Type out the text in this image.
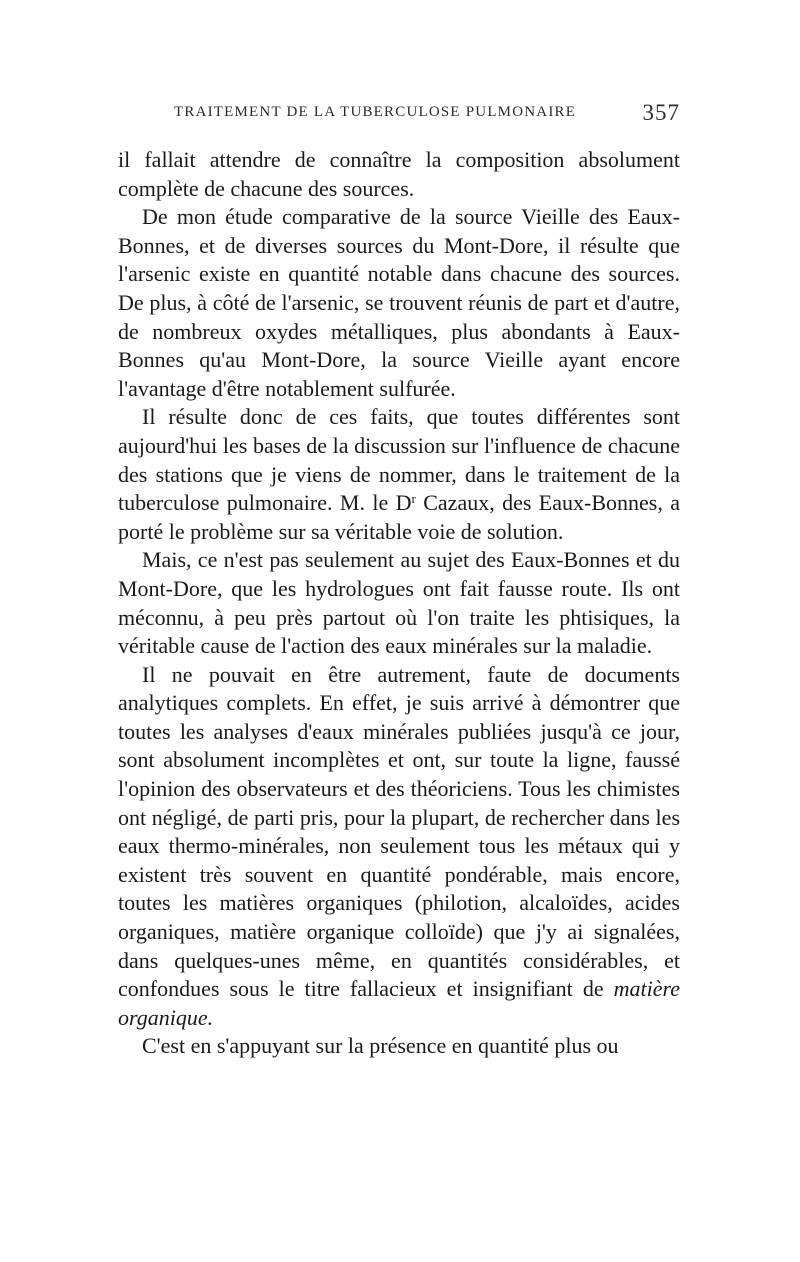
TRAITEMENT DE LA TUBERCULOSE PULMONAIRE	357

il fallait attendre de connaître la composition absolument complète de chacune des sources.

De mon étude comparative de la source Vieille des Eaux-Bonnes, et de diverses sources du Mont-Dore, il résulte que l'arsenic existe en quantité notable dans chacune des sources. De plus, à côté de l'arsenic, se trouvent réunis de part et d'autre, de nombreux oxydes métalliques, plus abondants à Eaux-Bonnes qu'au Mont-Dore, la source Vieille ayant encore l'avantage d'être notablement sulfurée.

Il résulte donc de ces faits, que toutes différentes sont aujourd'hui les bases de la discussion sur l'influence de chacune des stations que je viens de nommer, dans le traitement de la tuberculose pulmonaire. M. le $D^r$ Cazaux, des Eaux-Bonnes, a porté le problème sur sa véritable voie de solution.

Mais, ce n'est pas seulement au sujet des Eaux-Bonnes et du Mont-Dore, que les hydrologues ont fait fausse route. Ils ont méconnu, à peu près partout où l'on traite les phtisiques, la véritable cause de l'action des eaux minérales sur la maladie.

Il ne pouvait en être autrement, faute de documents analytiques complets. En effet, je suis arrivé à démontrer que toutes les analyses d'eaux minérales publiées jusqu'à ce jour, sont absolument incomplètes et ont, sur toute la ligne, faussé l'opinion des observateurs et des théoriciens. Tous les chimistes ont négligé, de parti pris, pour la plupart, de rechercher dans les eaux thermo-minérales, non seulement tous les métaux qui y existent très souvent en quantité pondérable, mais encore, toutes les matières organiques (philotion, alcaloïdes, acides organiques, matière organique colloïde) que j'y ai signalées, dans quelques-unes même, en quantités considérables, et confondues sous le titre fallacieux et insignifiant de matière organique.

C'est en s'appuyant sur la présence en quantité plus ou
